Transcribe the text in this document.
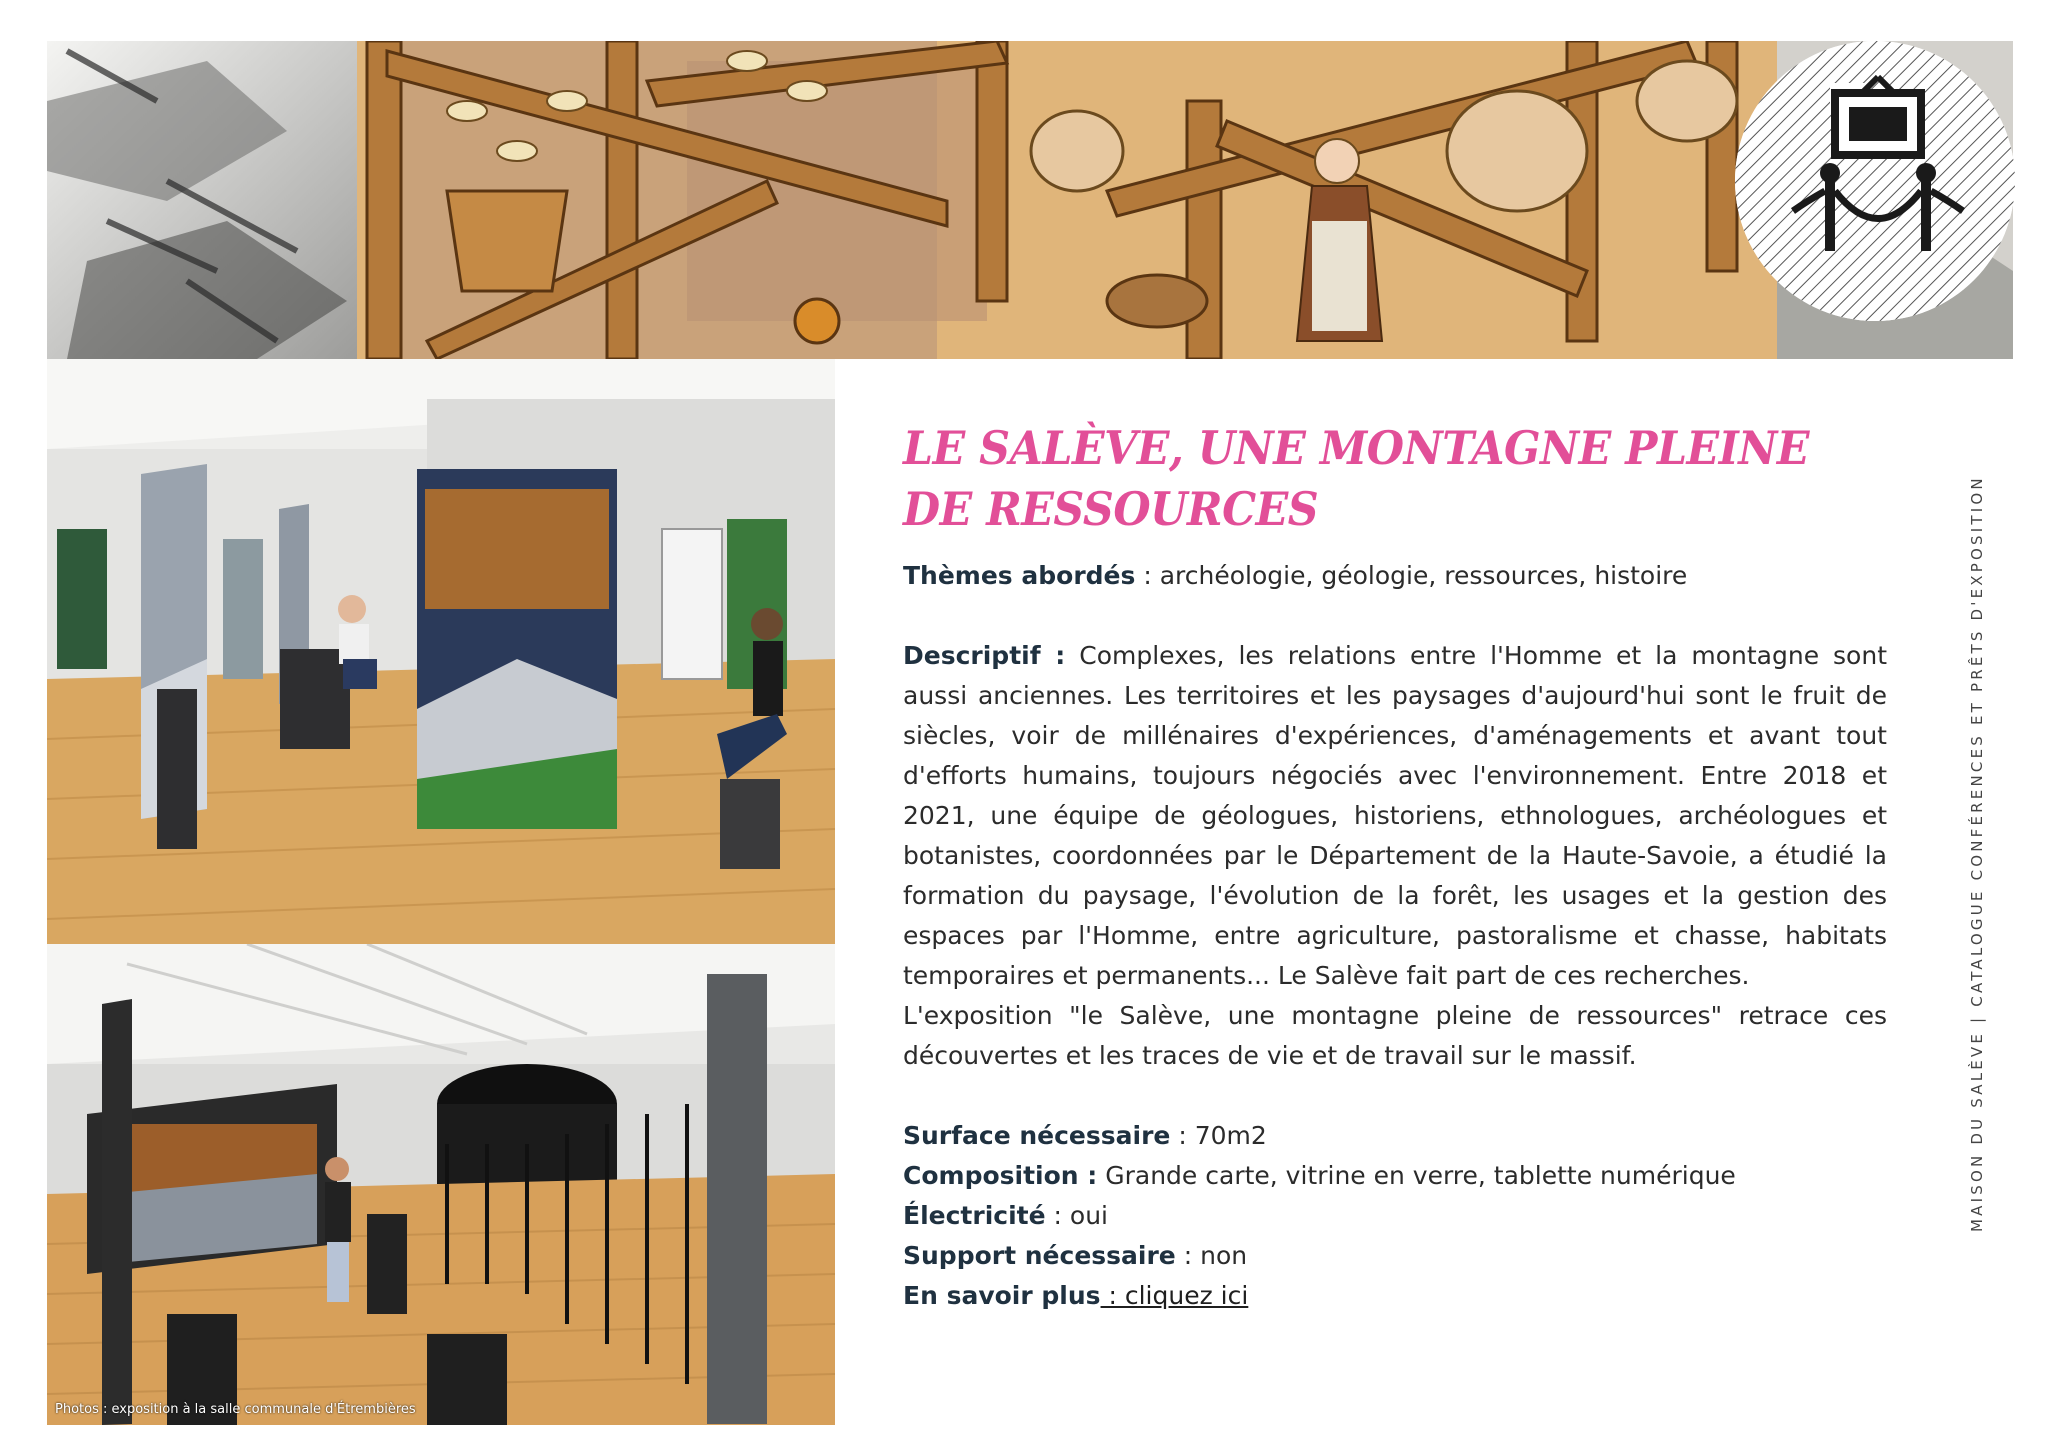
Photos : exposition à la salle communale d'Étrembières
LE SALÈVE, UNE MONTAGNE PLEINE DE RESSOURCES
Thèmes abordés : archéologie, géologie, ressources, histoire

Descriptif : Complexes, les relations entre l'Homme et la montagne sont aussi anciennes. Les territoires et les paysages d'aujourd'hui sont le fruit de siècles, voir de millénaires d'expériences, d'aménagements et avant tout d'efforts humains, toujours négociés avec l'environnement. Entre 2018 et 2021, une équipe de géologues, historiens, ethnologues, archéologues et botanistes, coordonnées par le Département de la Haute-Savoie, a étudié la formation du paysage, l'évolution de la forêt, les usages et la gestion des espaces par l'Homme, entre agriculture, pastoralisme et chasse, habitats temporaires et permanents... Le Salève fait part de ces recherches.

L'exposition "le Salève, une montagne pleine de ressources" retrace ces découvertes et les traces de vie et de travail sur le massif.

Surface nécessaire : 70m2
Composition : Grande carte, vitrine en verre, tablette numérique
Électricité : oui
Support nécessaire : non
En savoir plus : cliquez ici
MAISON DU SALÈVE | CATALOGUE CONFÉRENCES ET PRÊTS D'EXPOSITION
